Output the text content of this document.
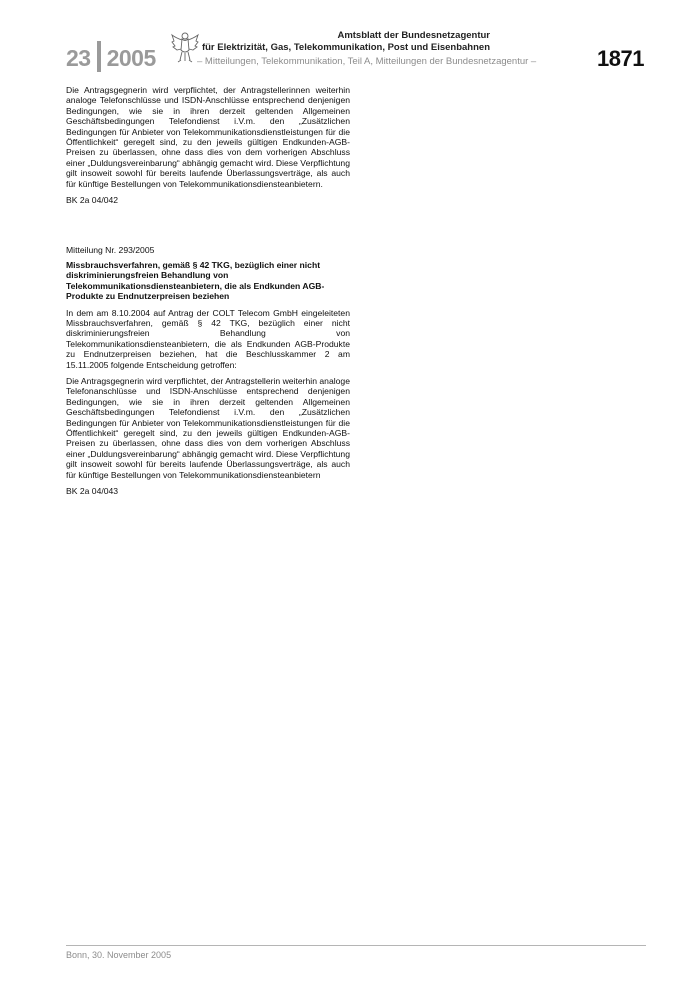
23 2005
Amtsblatt der Bundesnetzagentur
für Elektrizität, Gas, Telekommunikation, Post und Eisenbahnen
– Mitteilungen, Telekommunikation, Teil A, Mitteilungen der Bundesnetzagentur –	1871

Die Antragsgegnerin wird verpflichtet, der Antragstellerinnen weiterhin analoge Telefonschlüsse und ISDN-Anschlüsse entsprechend denjenigen Bedingungen, wie sie in ihren derzeit geltenden Allgemeinen Geschäftsbedingungen Telefondienst i.V.m. den „Zusätzlichen Bedingungen für Anbieter von Telekommunikationsdienstleistungen für die Öffentlichkeit“ geregelt sind, zu den jeweils gültigen Endkunden-AGB-Preisen zu überlassen, ohne dass dies von dem vorherigen Abschluss einer „Duldungsvereinbarung“ abhängig gemacht wird. Diese Verpflichtung gilt insoweit sowohl für bereits laufende Überlassungsverträge, als auch für künftige Bestellungen von Telekommunikationsdiensteanbietern.

BK 2a 04/042

Mitteilung Nr. 293/2005

Missbrauchsverfahren, gemäß § 42 TKG, bezüglich einer nicht diskriminierungsfreien Behandlung von Telekommunikationsdiensteanbietern, die als Endkunden AGB-Produkte zu Endnutzerpreisen beziehen

In dem am 8.10.2004 auf Antrag der COLT Telecom GmbH eingeleiteten Missbrauchsverfahren, gemäß § 42 TKG, bezüglich einer nicht diskriminierungsfreien Behandlung von Telekommunikationsdiensteanbietern, die als Endkunden AGB-Produkte zu Endnutzerpreisen beziehen, hat die Beschlusskammer 2 am 15.11.2005 folgende Entscheidung getroffen:

Die Antragsgegnerin wird verpflichtet, der Antragstellerin weiterhin analoge Telefonanschlüsse und ISDN-Anschlüsse entsprechend denjenigen Bedingungen, wie sie in ihren derzeit geltenden Allgemeinen Geschäftsbedingungen Telefondienst i.V.m. den „Zusätzlichen Bedingungen für Anbieter von Telekommunikationsdienstleistungen für die Öffentlichkeit“ geregelt sind, zu den jeweils gültigen Endkunden-AGB-Preisen zu überlassen, ohne dass dies von dem vorherigen Abschluss einer „Duldungsvereinbarung“ abhängig gemacht wird. Diese Verpflichtung gilt insoweit sowohl für bereits laufende Überlassungsverträge, als auch für künftige Bestellungen von Telekommunikationsdiensteanbietern

BK 2a 04/043

Bonn, 30. November 2005
